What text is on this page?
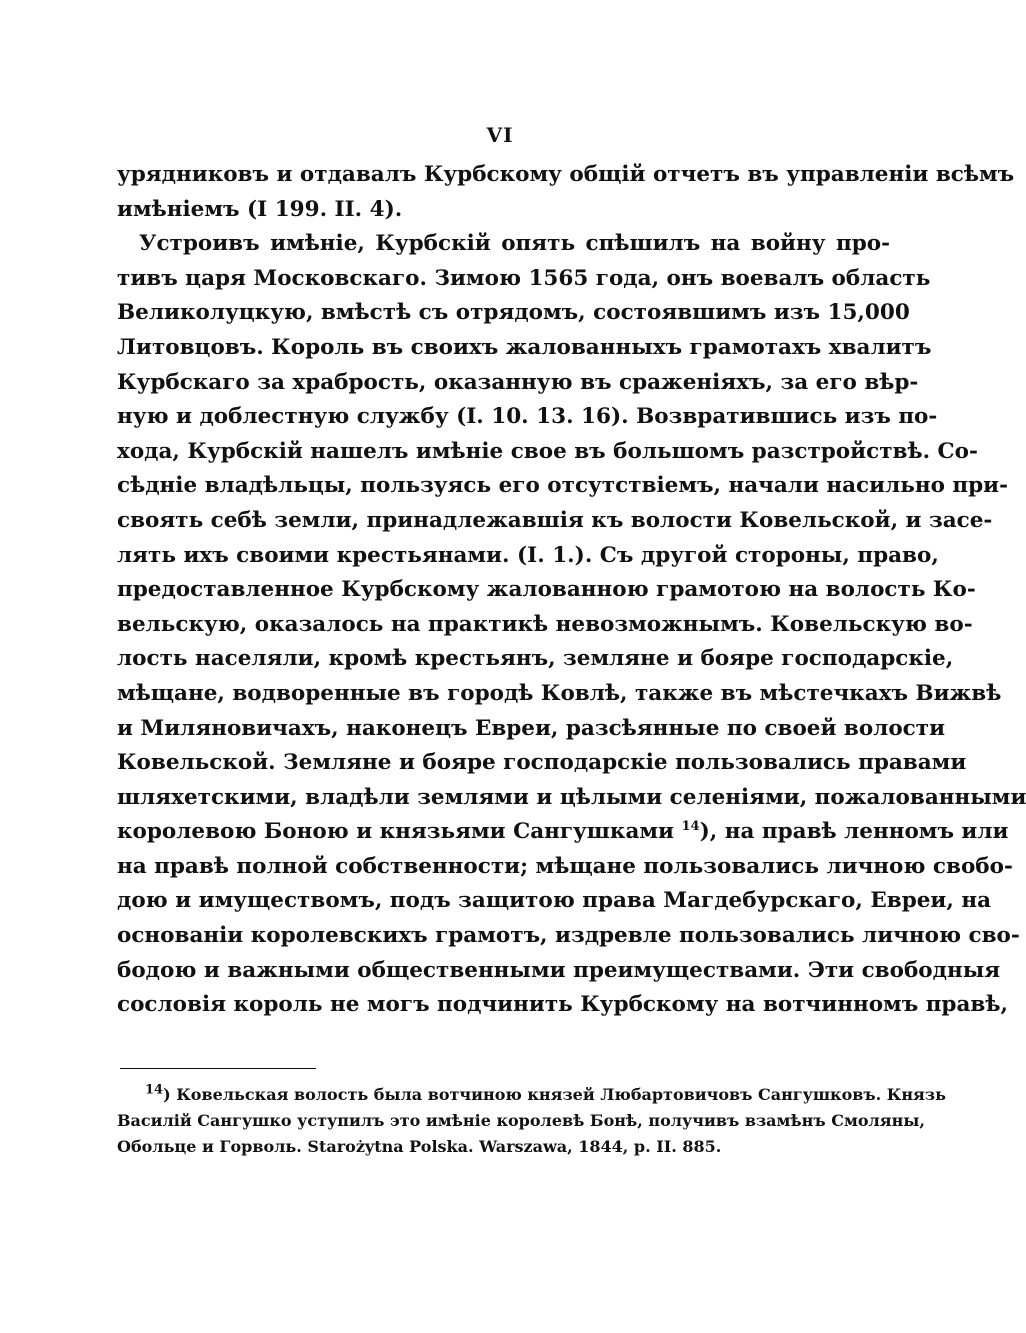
VI
урядниковъ и отдавалъ Курбскому общій отчетъ въ управленіи всѣмъ
имѣніемъ (I 199. II. 4).
Устроивъ имѣніе, Курбскій опять спѣшилъ на войну про-
тивъ царя Московскаго. Зимою 1565 года, онъ воевалъ область
Великолуцкую, вмѣстѣ съ отрядомъ, состоявшимъ изъ 15,000
Литовцовъ. Король въ своихъ жалованныхъ грамотахъ хвалитъ
Курбскаго за храбрость, оказанную въ сраженіяхъ, за его вѣр-
ную и доблестную службу (I. 10. 13. 16). Возвратившись изъ по-
хода, Курбскій нашелъ имѣніе свое въ большомъ разстройствѣ. Со-
сѣдніе владѣльцы, пользуясь его отсутствіемъ, начали насильно при-
своять себѣ земли, принадлежавшія къ волости Ковельской, и засе-
лять ихъ своими крестьянами. (I. 1.). Съ другой стороны, право,
предоставленное Курбскому жалованною грамотою на волость Ко-
вельскую, оказалось на практикѣ невозможнымъ. Ковельскую во-
лость населяли, кромѣ крестьянъ, земляне и бояре господарскіе,
мѣщане, водворенные въ городѣ Ковлѣ, также въ мѣстечкахъ Вижвѣ
и Миляновичахъ, наконецъ Евреи, разсѣянные по своей волости
Ковельской. Земляне и бояре господарскіе пользовались правами
шляхетскими, владѣли землями и цѣлыми селеніями, пожалованными
королевою Боною и князьями Сангушками $^{14}$), на правѣ ленномъ или
на правѣ полной собственности; мѣщане пользовались личною свобо-
дою и имуществомъ, подъ защитою права Магдебурскаго, Евреи, на
основаніи королевскихъ грамотъ, издревле пользовались личною сво-
бодою и важными общественными преимуществами. Эти свободныя
сословія король не могъ подчинить Курбскому на вотчинномъ правѣ,
$^{14}$) Ковельская волость была вотчиною князей Любартовичовъ Сангушковъ. Князь
Василій Сангушко уступилъ это имѣніе королевѣ Бонѣ, получивъ взамѣнъ Смоляны,
Обольце и Горволь. Starożytna Polska. Warszawa, 1844, p. II. 885.
